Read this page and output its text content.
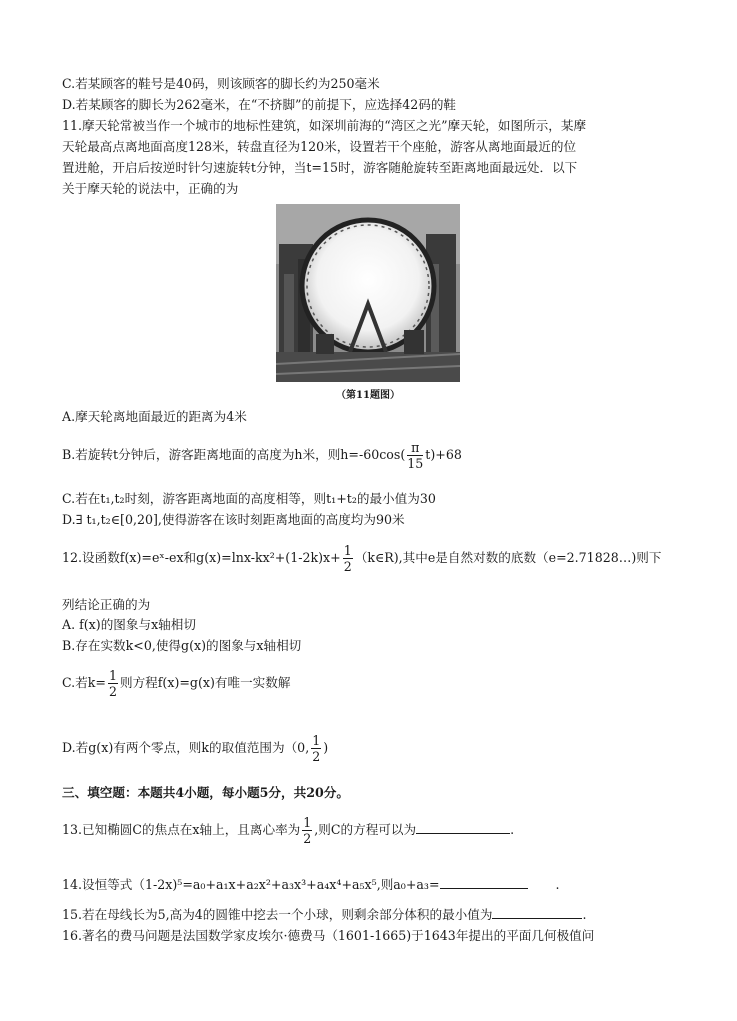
C.若某顾客的鞋号是40码，则该顾客的脚长约为250毫米
D.若某顾客的脚长为262毫米，在“不挤脚”的前提下，应选择42码的鞋
11.摩天轮常被当作一个城市的地标性建筑，如深圳前海的“湾区之光”摩天轮，如图所示，某摩
天轮最高点离地面高度128米，转盘直径为120米，设置若干个座舱，游客从离地面最近的位
置进舱，开启后按逆时针匀速旋转t分钟，当t=15时，游客随舱旋转至距离地面最远处．以下
关于摩天轮的说法中，正确的为
（第11题图）
A.摩天轮离地面最近的距离为4米
B.若旋转t分钟后，游客距离地面的高度为h米，则$h=-60\cos( \frac{\pi}{15} t)+68$
C.若在t₁,t₂时刻，游客距离地面的高度相等，则t₁+t₂的最小值为30
D.∃ t₁,t₂∈[0,20],使得游客在该时刻距离地面的高度均为90米
12.设函数f(x)=eˣ-ex和$g(x)=\ln x-kx^2+(1-2k)x+ \frac{1}{2}$ （k∈R),其中e是自然对数的底数（e=2.71828…)则下
列结论正确的为
A. f(x)的图象与x轴相切
B.存在实数k<0,使得g(x)的图象与x轴相切
C.若$k= \frac{1}{2}$ 则方程f(x)=g(x)有唯一实数解
D.若g(x)有两个零点，则k的取值范围为（0, $\frac{1}{2}$ )
三、填空题：本题共4小题，每小题5分，共20分。
13.已知椭圆C的焦点在x轴上，且离心率为 $\frac{1}{2}$ ,则C的方程可以为	.
14.设恒等式（1-2x)⁵=a₀+a₁x+a₂x²+a₃x³+a₄x⁴+a₅x⁵,则a₀+a₃=	.
15.若在母线长为5,高为4的圆锥中挖去一个小球，则剩余部分体积的最小值为	.
16.著名的费马问题是法国数学家皮埃尔·德费马（1601-1665)于1643年提出的平面几何极值问
